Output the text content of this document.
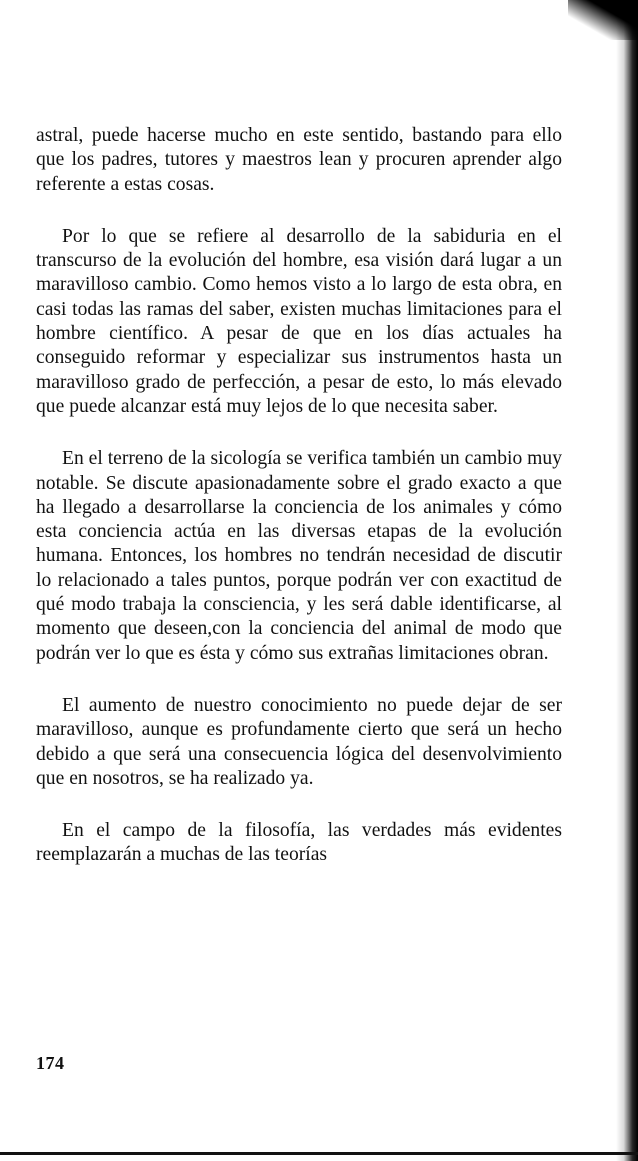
astral, puede hacerse mucho en este sentido, bastando para ello que los padres, tutores y maestros lean y procuren aprender algo referente a estas cosas.

Por lo que se refiere al desarrollo de la sabiduria en el transcurso de la evolución del hombre, esa visión dará lugar a un maravilloso cambio. Como hemos visto a lo largo de esta obra, en casi todas las ramas del saber, existen muchas limitaciones para el hombre científico. A pesar de que en los días actuales ha conseguido reformar y especializar sus instrumentos hasta un maravilloso grado de perfección, a pesar de esto, lo más elevado que puede alcanzar está muy lejos de lo que necesita saber.

En el terreno de la sicología se verifica también un cambio muy notable. Se discute apasionadamente sobre el grado exacto a que ha llegado a desarrollarse la conciencia de los animales y cómo esta conciencia actúa en las diversas etapas de la evolución humana. Entonces, los hombres no tendrán necesidad de discutir lo relacionado a tales puntos, porque podrán ver con exactitud de qué modo trabaja la consciencia, y les será dable identificarse, al momento que deseen,con la conciencia del animal de modo que podrán ver lo que es ésta y cómo sus extrañas limitaciones obran.

El aumento de nuestro conocimiento no puede dejar de ser maravilloso, aunque es profundamente cierto que será un hecho debido a que será una consecuencia lógica del desenvolvimiento que en nosotros, se ha realizado ya.

En el campo de la filosofía, las verdades más evidentes reemplazarán a muchas de las teorías

174
